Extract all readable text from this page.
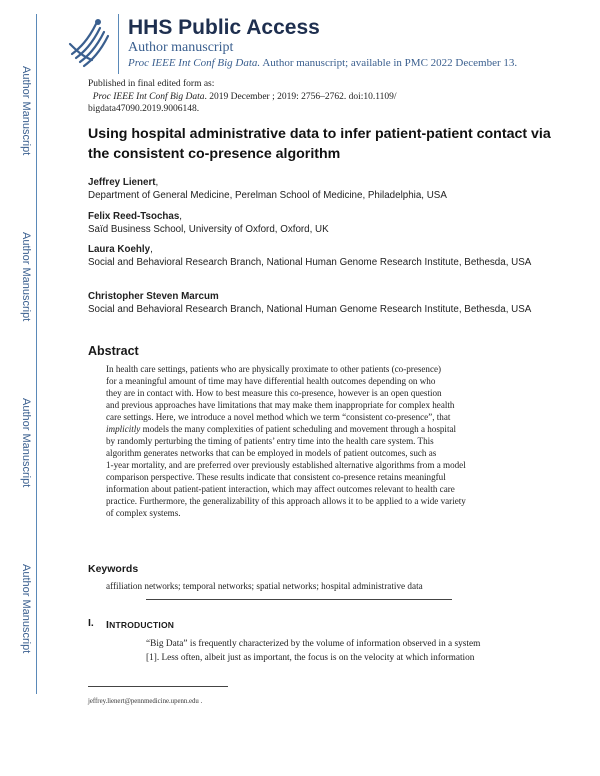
Author Manuscript
Author Manuscript
Author Manuscript
Author Manuscript
HHS Public Access
Author manuscript
Proc IEEE Int Conf Big Data. Author manuscript; available in PMC 2022 December 13.
Published in final edited form as:
Proc IEEE Int Conf Big Data. 2019 December ; 2019: 2756–2762. doi:10.1109/
bigdata47090.2019.9006148.
Using hospital administrative data to infer patient-patient contact via the consistent co-presence algorithm
Jeffrey Lienert,
Department of General Medicine, Perelman School of Medicine, Philadelphia, USA
Felix Reed-Tsochas,
Saïd Business School, University of Oxford, Oxford, UK
Laura Koehly,
Social and Behavioral Research Branch, National Human Genome Research Institute, Bethesda, USA
Christopher Steven Marcum
Social and Behavioral Research Branch, National Human Genome Research Institute, Bethesda, USA
Abstract
In health care settings, patients who are physically proximate to other patients (co-presence)
for a meaningful amount of time may have differential health outcomes depending on who
they are in contact with. How to best measure this co-presence, however is an open question
and previous approaches have limitations that may make them inappropriate for complex health
care settings. Here, we introduce a novel method which we term “consistent co-presence”, that
implicitly models the many complexities of patient scheduling and movement through a hospital
by randomly perturbing the timing of patients’ entry time into the health care system. This
algorithm generates networks that can be employed in models of patient outcomes, such as
1-year mortality, and are preferred over previously established alternative algorithms from a model
comparison perspective. These results indicate that consistent co-presence retains meaningful
information about patient-patient interaction, which may affect outcomes relevant to health care
practice. Furthermore, the generalizability of this approach allows it to be applied to a wide variety
of complex systems.
Keywords
affiliation networks; temporal networks; spatial networks; hospital administrative data
I. INTRODUCTION
“Big Data” is frequently characterized by the volume of information observed in a system
[1]. Less often, albeit just as important, the focus is on the velocity at which information
jeffrey.lienert@pennmedicine.upenn.edu .
